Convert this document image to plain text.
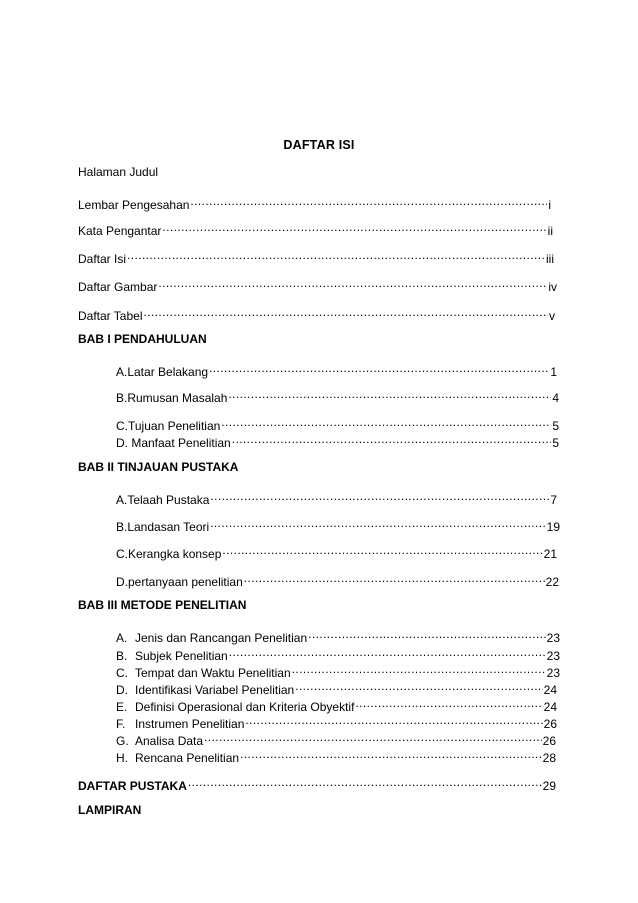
DAFTAR ISI
Halaman Judul
Lembar Pengesahan .....	i
Kata Pengantar .....	ii
Daftar Isi .....	iii
Daftar Gambar .....	iv
Daftar Tabel .....	v
BAB I PENDAHULUAN
A.Latar Belakang .....	1
B.Rumusan Masalah .....	4
C.Tujuan Penelitian .....	5
D. Manfaat Penelitian .....	5
BAB II TINJAUAN PUSTAKA
A.Telaah Pustaka .....	7
B.Landasan Teori .....	19
C.Kerangka konsep .....	21
D.pertanyaan penelitian .....	22
BAB III METODE PENELITIAN
A. Jenis dan Rancangan Penelitian .....	23
B. Subjek Penelitian .....	23
C. Tempat dan Waktu Penelitian .....	23
D. Identifikasi Variabel Penelitian .....	24
E. Definisi Operasional dan Kriteria Obyektif .....	24
F. Instrumen Penelitian .....	26
G. Analisa Data .....	26
H. Rencana Penelitian .....	28
DAFTAR PUSTAKA .....	29
LAMPIRAN
